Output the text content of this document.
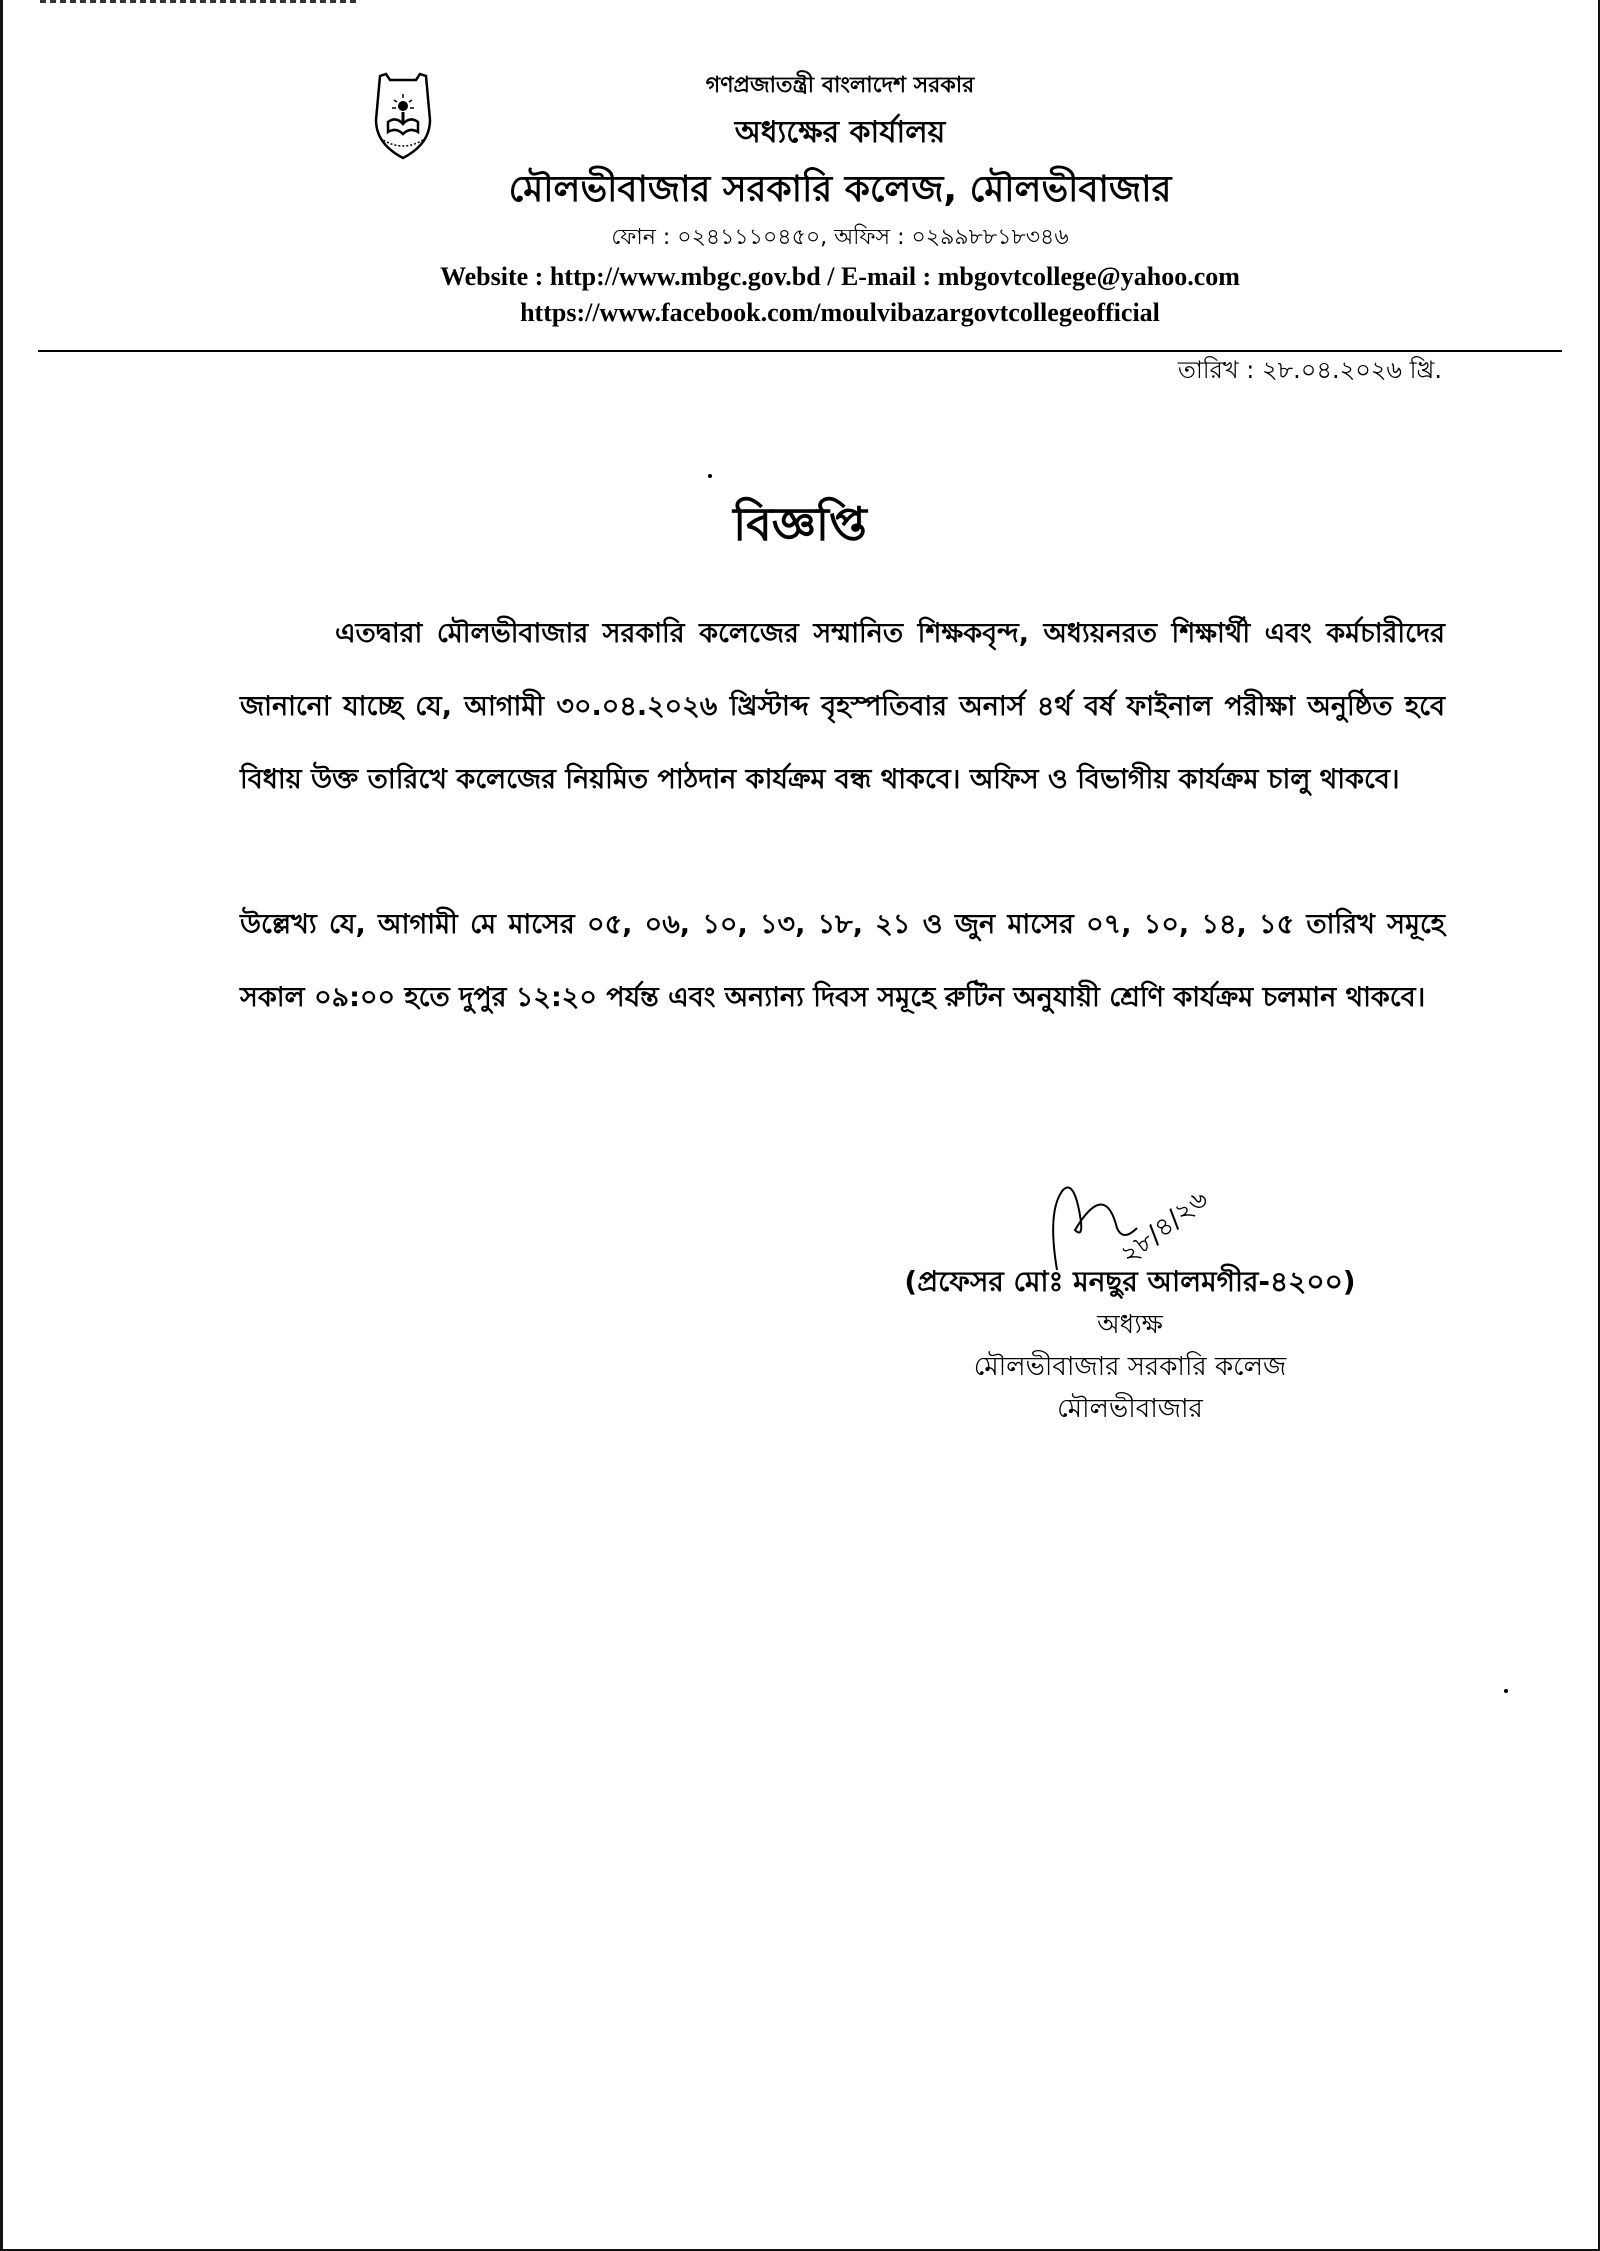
গণপ্রজাতন্ত্রী বাংলাদেশ সরকার
অধ্যক্ষের কার্যালয়
মৌলভীবাজার সরকারি কলেজ, মৌলভীবাজার
ফোন : ০২৪১১১০৪৫০, অফিস : ০২৯৯৮৮১৮৩৪৬
Website : http://www.mbgc.gov.bd / E-mail : mbgovtcollege@yahoo.com
https://www.facebook.com/moulvibazargovtcollegeofficial
তারিখ : ২৮.০৪.২০২৬ খ্রি.
বিজ্ঞপ্তি
এতদ্বারা মৌলভীবাজার সরকারি কলেজের সম্মানিত শিক্ষকবৃন্দ, অধ্যয়নরত শিক্ষার্থী এবং কর্মচারীদের জানানো যাচ্ছে যে, আগামী ৩০.০৪.২০২৬ খ্রিস্টাব্দ বৃহস্পতিবার অনার্স ৪র্থ বর্ষ ফাইনাল পরীক্ষা অনুষ্ঠিত হবে বিধায় উক্ত তারিখে কলেজের নিয়মিত পাঠদান কার্যক্রম বন্ধ থাকবে। অফিস ও বিভাগীয় কার্যক্রম চালু থাকবে।
উল্লেখ্য যে, আগামী মে মাসের ০৫, ০৬, ১০, ১৩, ১৮, ২১ ও জুন মাসের ০৭, ১০, ১৪, ১৫ তারিখ সমূহে সকাল ০৯:০০ হতে দুপুর ১২:২০ পর্যন্ত এবং অন্যান্য দিবস সমূহে রুটিন অনুযায়ী শ্রেণি কার্যক্রম চলমান থাকবে।
২৮/৪/২৬
(প্রফেসর মোঃ মনছুর আলমগীর-৪২০০)
অধ্যক্ষ
মৌলভীবাজার সরকারি কলেজ
মৌলভীবাজার
